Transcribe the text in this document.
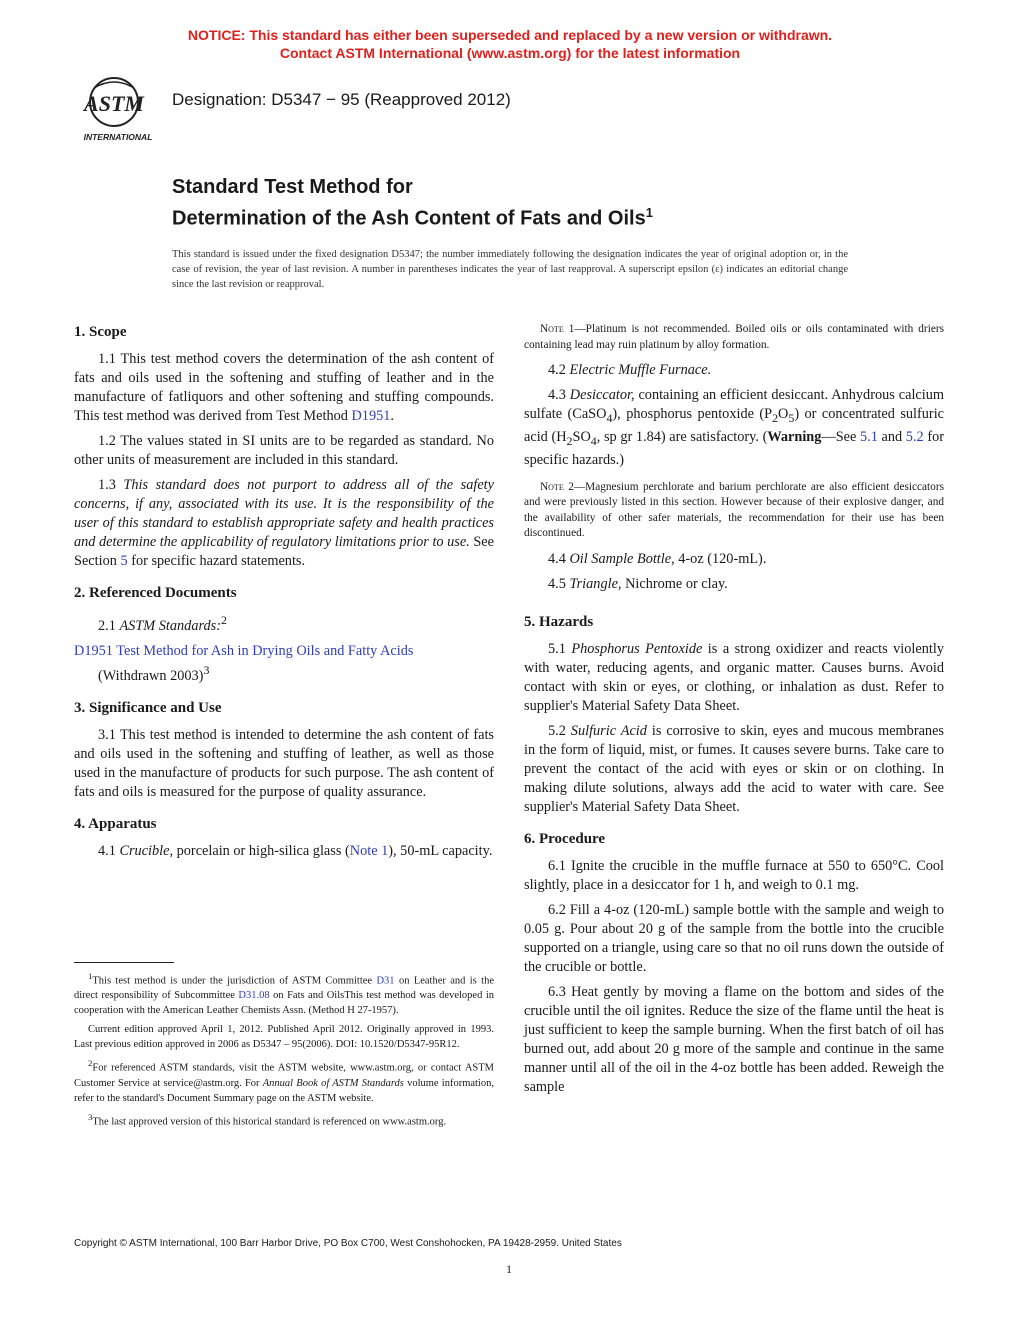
NOTICE: This standard has either been superseded and replaced by a new version or withdrawn.
Contact ASTM International (www.astm.org) for the latest information
ASTM
INTERNATIONAL
Designation: D5347 − 95 (Reapproved 2012)
Standard Test Method for
Determination of the Ash Content of Fats and Oils$^1$
This standard is issued under the fixed designation D5347; the number immediately following the designation indicates the year of original adoption or, in the case of revision, the year of last revision. A number in parentheses indicates the year of last reapproval. A superscript epsilon (ε) indicates an editorial change since the last revision or reapproval.
1. Scope

1.1 This test method covers the determination of the ash content of fats and oils used in the softening and stuffing of leather and in the manufacture of fatliquors and other softening and stuffing compounds. This test method was derived from Test Method D1951.

1.2 The values stated in SI units are to be regarded as standard. No other units of measurement are included in this standard.

1.3 This standard does not purport to address all of the safety concerns, if any, associated with its use. It is the responsibility of the user of this standard to establish appropriate safety and health practices and determine the applicability of regulatory limitations prior to use. See Section 5 for specific hazard statements.

2. Referenced Documents

2.1 ASTM Standards:$^2$

D1951 Test Method for Ash in Drying Oils and Fatty Acids
(Withdrawn 2003)$^3$

3. Significance and Use

3.1 This test method is intended to determine the ash content of fats and oils used in the softening and stuffing of leather, as well as those used in the manufacture of products for such purpose. The ash content of fats and oils is measured for the purpose of quality assurance.

4. Apparatus

4.1 Crucible, porcelain or high-silica glass (Note 1), 50-mL capacity.

$^1$This test method is under the jurisdiction of ASTM Committee D31 on Leather and is the direct responsibility of Subcommittee D31.08 on Fats and OilsThis test method was developed in cooperation with the American Leather Chemists Assn. (Method H 27-1957).

Current edition approved April 1, 2012. Published April 2012. Originally approved in 1993. Last previous edition approved in 2006 as D5347 – 95(2006). DOI: 10.1520/D5347-95R12.

$^2$For referenced ASTM standards, visit the ASTM website, www.astm.org, or contact ASTM Customer Service at service@astm.org. For Annual Book of ASTM Standards volume information, refer to the standard's Document Summary page on the ASTM website.

$^3$The last approved version of this historical standard is referenced on www.astm.org.

Note 1—Platinum is not recommended. Boiled oils or oils contaminated with driers containing lead may ruin platinum by alloy formation.

4.2 Electric Muffle Furnace.

4.3 Desiccator, containing an efficient desiccant. Anhydrous calcium sulfate (CaSO$_4$), phosphorus pentoxide $(P_2O_5)$ or concentrated sulfuric acid ($H_2SO_4$, sp gr 1.84) are satisfactory. (Warning—See 5.1 and 5.2 for specific hazards.)

Note 2—Magnesium perchlorate and barium perchlorate are also efficient desiccators and were previously listed in this section. However because of their explosive danger, and the availability of other safer materials, the recommendation for their use has been discontinued.

4.4 Oil Sample Bottle, 4-oz (120-mL).

4.5 Triangle, Nichrome or clay.

5. Hazards

5.1 Phosphorus Pentoxide is a strong oxidizer and reacts violently with water, reducing agents, and organic matter. Causes burns. Avoid contact with skin or eyes, or clothing, or inhalation as dust. Refer to supplier's Material Safety Data Sheet.

5.2 Sulfuric Acid is corrosive to skin, eyes and mucous membranes in the form of liquid, mist, or fumes. It causes severe burns. Take care to prevent the contact of the acid with eyes or skin or on clothing. In making dilute solutions, always add the acid to water with care. See supplier's Material Safety Data Sheet.

6. Procedure

6.1 Ignite the crucible in the muffle furnace at 550 to 650°C. Cool slightly, place in a desiccator for 1 h, and weigh to 0.1 mg.

6.2 Fill a 4-oz (120-mL) sample bottle with the sample and weigh to 0.05 g. Pour about 20 g of the sample from the bottle into the crucible supported on a triangle, using care so that no oil runs down the outside of the crucible or bottle.

6.3 Heat gently by moving a flame on the bottom and sides of the crucible until the oil ignites. Reduce the size of the flame until the heat is just sufficient to keep the sample burning. When the first batch of oil has burned out, add about 20 g more of the sample and continue in the same manner until all of the oil in the 4-oz bottle has been added. Reweigh the sample

Copyright © ASTM International, 100 Barr Harbor Drive, PO Box C700, West Conshohocken, PA 19428-2959. United States
1
